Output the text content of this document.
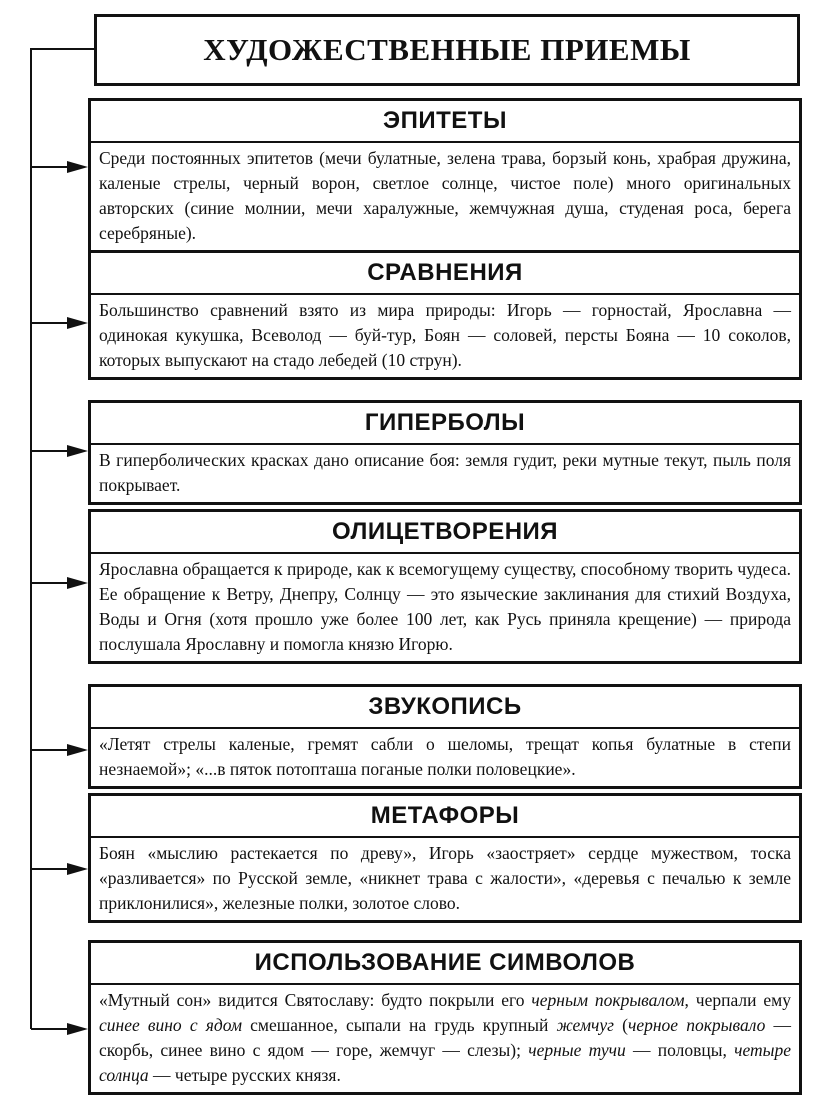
ХУДОЖЕСТВЕННЫЕ ПРИЕМЫ
ЭПИТЕТЫ
Среди постоянных эпитетов (мечи булатные, зелена трава, борзый конь, храбрая дружина, каленые стрелы, черный ворон, светлое солнце, чистое поле) много оригинальных авторских (синие молнии, мечи харалужные, жемчужная душа, студеная роса, берега серебряные).
СРАВНЕНИЯ
Большинство сравнений взято из мира природы: Игорь — горностай, Ярославна — одинокая кукушка, Всеволод — буй-тур, Боян — соловей, персты Бояна — 10 соколов, которых выпускают на стадо лебедей (10 струн).
ГИПЕРБОЛЫ
В гиперболических красках дано описание боя: земля гудит, реки мутные текут, пыль поля покрывает.
ОЛИЦЕТВОРЕНИЯ
Ярославна обращается к природе, как к всемогущему существу, способному творить чудеса. Ее обращение к Ветру, Днепру, Солнцу — это языческие заклинания для стихий Воздуха, Воды и Огня (хотя прошло уже более 100 лет, как Русь приняла крещение) — природа послушала Ярославну и помогла князю Игорю.
ЗВУКОПИСЬ
«Летят стрелы каленые, гремят сабли о шеломы, трещат копья булатные в степи незнаемой»; «...в пяток потопташа поганые полки половецкие».
МЕТАФОРЫ
Боян «мыслию растекается по древу», Игорь «заостряет» сердце мужеством, тоска «разливается» по Русской земле, «никнет трава с жалости», «деревья с печалью к земле приклонилися», железные полки, золотое слово.
ИСПОЛЬЗОВАНИЕ СИМВОЛОВ
«Мутный сон» видится Святославу: будто покрыли его черным покрывалом, черпали ему синее вино с ядом смешанное, сыпали на грудь крупный жемчуг (черное покрывало — скорбь, синее вино с ядом — горе, жемчуг — слезы); черные тучи — половцы, четыре солнца — четыре русских князя.
